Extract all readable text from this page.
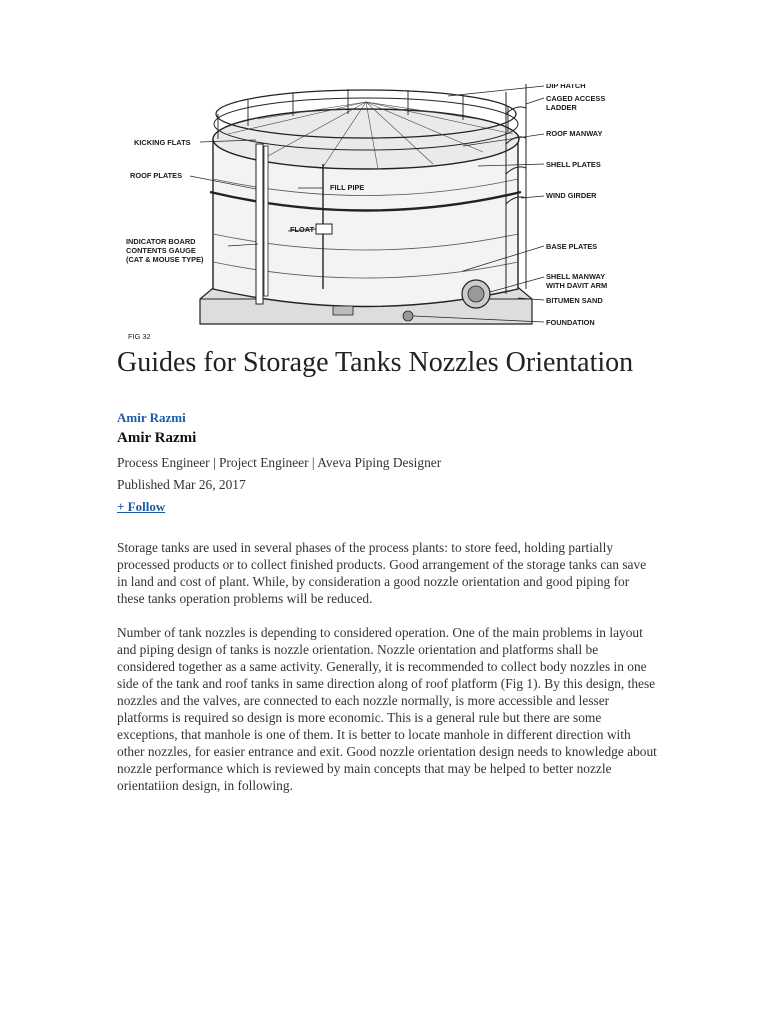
DIP HATCH
CAGED ACCESS
LADDER
ROOF MANWAY
SHELL PLATES
WIND GIRDER
BASE PLATES
SHELL MANWAY
WITH DAVIT ARM
BITUMEN SAND
FOUNDATION
KICKING FLATS
ROOF PLATES
FILL PIPE
FLOAT
INDICATOR BOARD
CONTENTS GAUGE
(CAT & MOUSE TYPE)
FIG 32
Guides for Storage Tanks Nozzles Orientation
Amir Razmi
Amir Razmi
Process Engineer | Project Engineer | Aveva Piping Designer
Published Mar 26, 2017
+ Follow

Storage tanks are used in several phases of the process plants: to store feed, holding partially processed products or to collect finished products. Good arrangement of the storage tanks can save in land and cost of plant. While, by consideration a good nozzle orientation and good piping for these tanks operation problems will be reduced.

Number of tank nozzles is depending to considered operation. One of the main problems in layout and piping design of tanks is nozzle orientation. Nozzle orientation and platforms shall be considered together as a same activity. Generally, it is recommended to collect body nozzles in one side of the tank and roof tanks in same direction along of roof platform (Fig 1). By this design, these nozzles and the valves, are connected to each nozzle normally, is more accessible and lesser platforms is required so design is more economic. This is a general rule but there are some exceptions, that manhole is one of them. It is better to locate manhole in different direction with other nozzles, for easier entrance and exit. Good nozzle orientation design needs to knowledge about nozzle performance which is reviewed by main concepts that may be helped to better nozzle orientatiion design, in following.
